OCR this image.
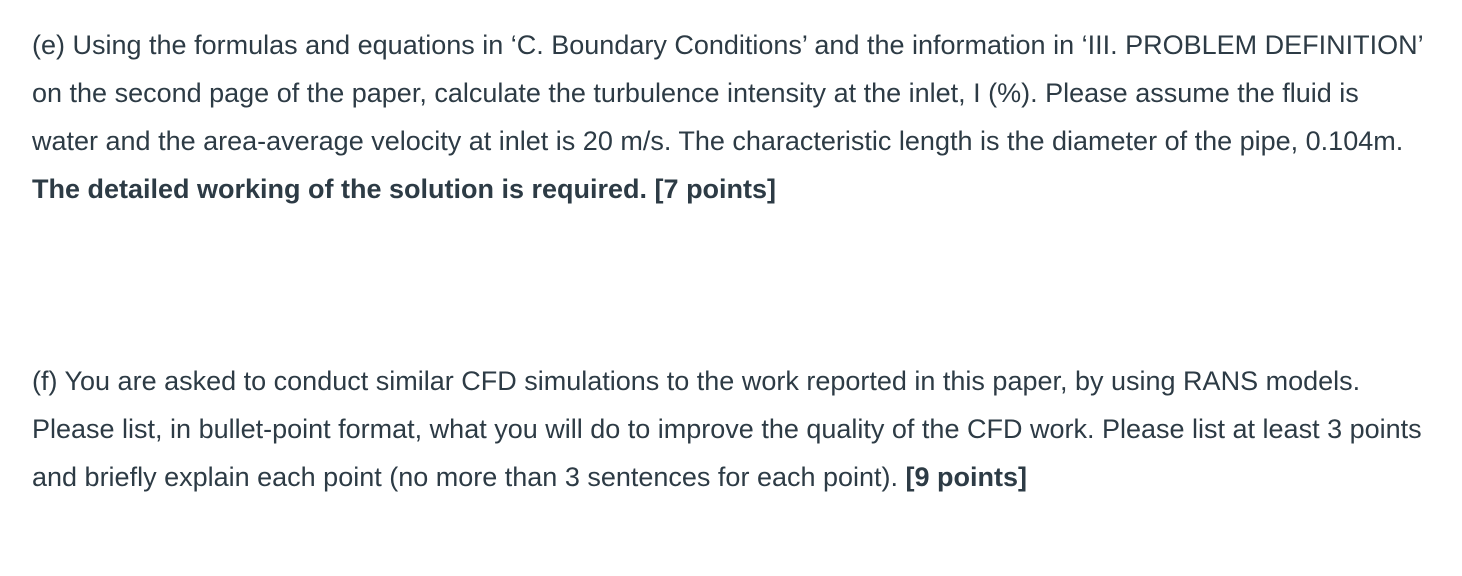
(e) Using the formulas and equations in ‘C. Boundary Conditions’ and the information in ‘III. PROBLEM DEFINITION’ on the second page of the paper, calculate the turbulence intensity at the inlet, I (%). Please assume the fluid is water and the area-average velocity at inlet is 20 m/s. The characteristic length is the diameter of the pipe, 0.104m. The detailed working of the solution is required. [7 points]

(f) You are asked to conduct similar CFD simulations to the work reported in this paper, by using RANS models. Please list, in bullet-point format, what you will do to improve the quality of the CFD work. Please list at least 3 points and briefly explain each point (no more than 3 sentences for each point). [9 points]
